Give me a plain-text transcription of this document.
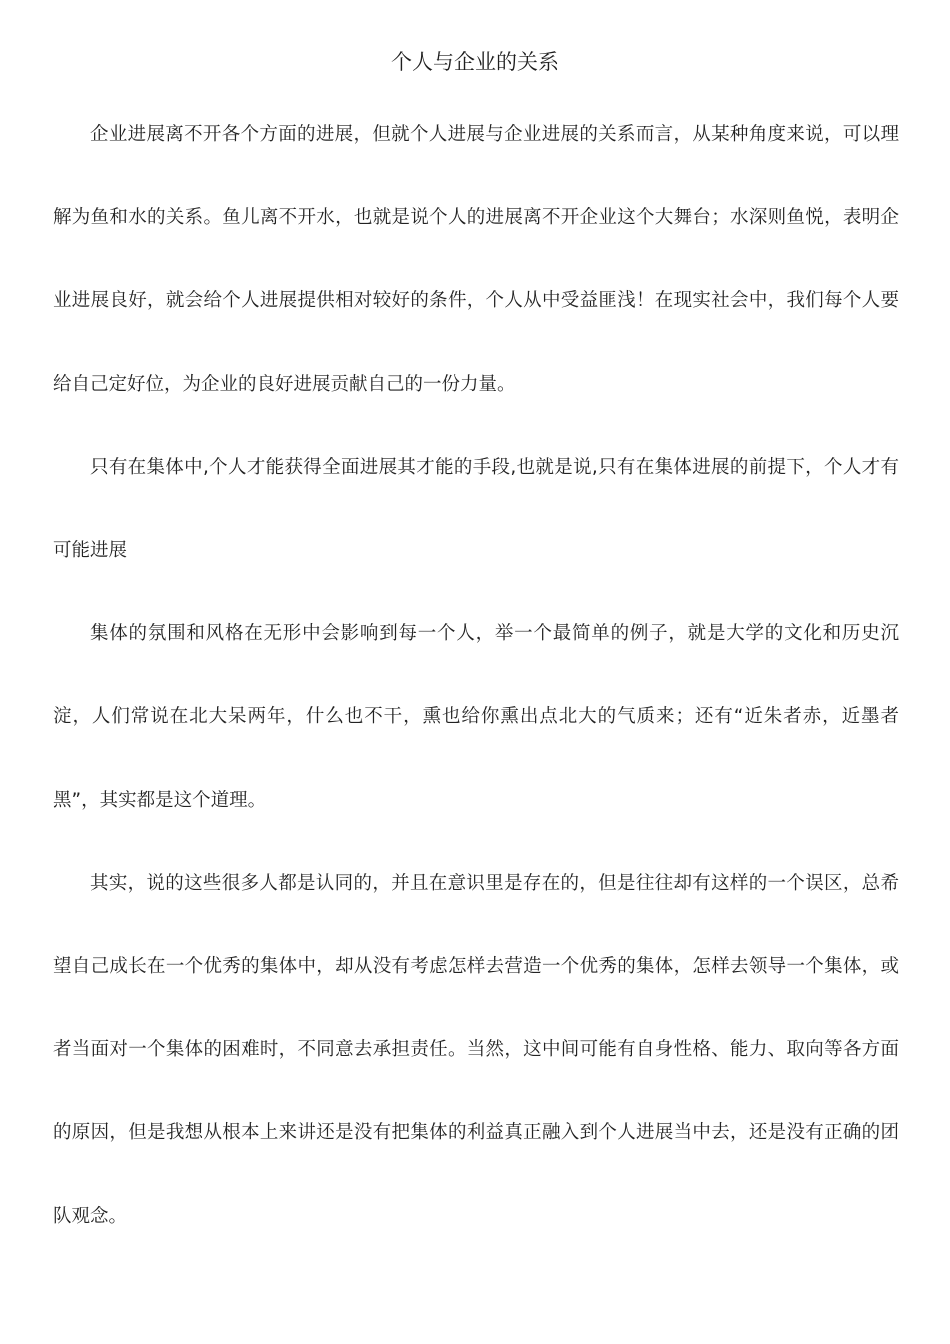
个人与企业的关系

企业进展离不开各个方面的进展，但就个人进展与企业进展的关系而言，从某种角度来说，可以理解为鱼和水的关系。鱼儿离不开水，也就是说个人的进展离不开企业这个大舞台；水深则鱼悦，表明企业进展良好，就会给个人进展提供相对较好的条件，个人从中受益匪浅！在现实社会中，我们每个人要给自己定好位，为企业的良好进展贡献自己的一份力量。

只有在集体中,个人才能获得全面进展其才能的手段,也就是说,只有在集体进展的前提下，个人才有可能进展

集体的氛围和风格在无形中会影响到每一个人，举一个最简单的例子，就是大学的文化和历史沉淀，人们常说在北大呆两年，什么也不干，熏也给你熏出点北大的气质来；还有“近朱者赤，近墨者黑”，其实都是这个道理。

其实，说的这些很多人都是认同的，并且在意识里是存在的，但是往往却有这样的一个误区，总希望自己成长在一个优秀的集体中，却从没有考虑怎样去营造一个优秀的集体，怎样去领导一个集体，或者当面对一个集体的困难时，不同意去承担责任。当然，这中间可能有自身性格、能力、取向等各方面的原因，但是我想从根本上来讲还是没有把集体的利益真正融入到个人进展当中去，还是没有正确的团队观念。
